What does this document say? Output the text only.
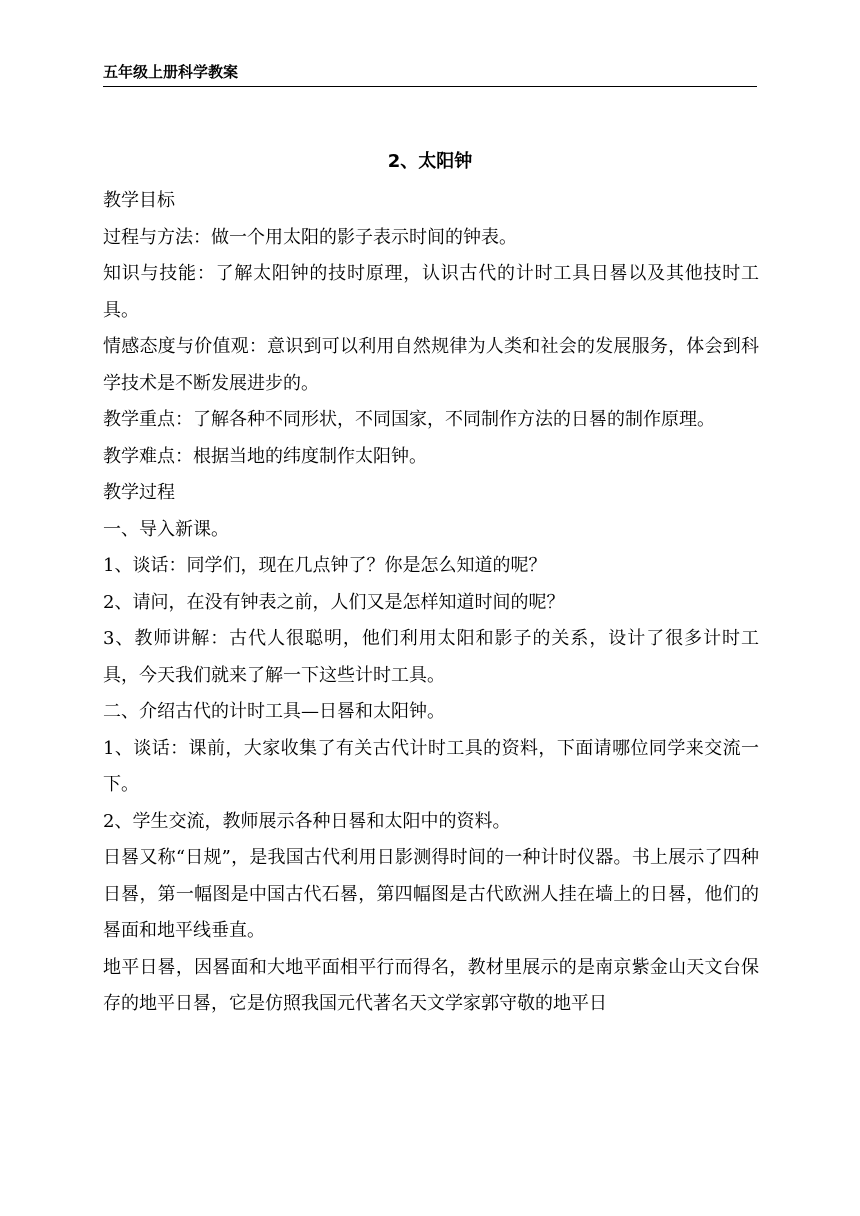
五年级上册科学教案
2、太阳钟

教学目标

过程与方法：做一个用太阳的影子表示时间的钟表。

知识与技能：了解太阳钟的技时原理，认识古代的计时工具日晷以及其他技时工具。

情感态度与价值观：意识到可以利用自然规律为人类和社会的发展服务，体会到科学技术是不断发展进步的。

教学重点：了解各种不同形状，不同国家，不同制作方法的日晷的制作原理。

教学难点：根据当地的纬度制作太阳钟。

教学过程

一、导入新课。

1、谈话：同学们，现在几点钟了？你是怎么知道的呢？

2、请问，在没有钟表之前，人们又是怎样知道时间的呢？

3、教师讲解：古代人很聪明，他们利用太阳和影子的关系，设计了很多计时工具，今天我们就来了解一下这些计时工具。

二、介绍古代的计时工具—日晷和太阳钟。

1、谈话：课前，大家收集了有关古代计时工具的资料，下面请哪位同学来交流一下。

2、学生交流，教师展示各种日晷和太阳中的资料。

日晷又称“日规”，是我国古代利用日影测得时间的一种计时仪器。书上展示了四种日晷，第一幅图是中国古代石晷，第四幅图是古代欧洲人挂在墙上的日晷，他们的晷面和地平线垂直。

地平日晷，因晷面和大地平面相平行而得名，教材里展示的是南京紫金山天文台保存的地平日晷，它是仿照我国元代著名天文学家郭守敬的地平日
